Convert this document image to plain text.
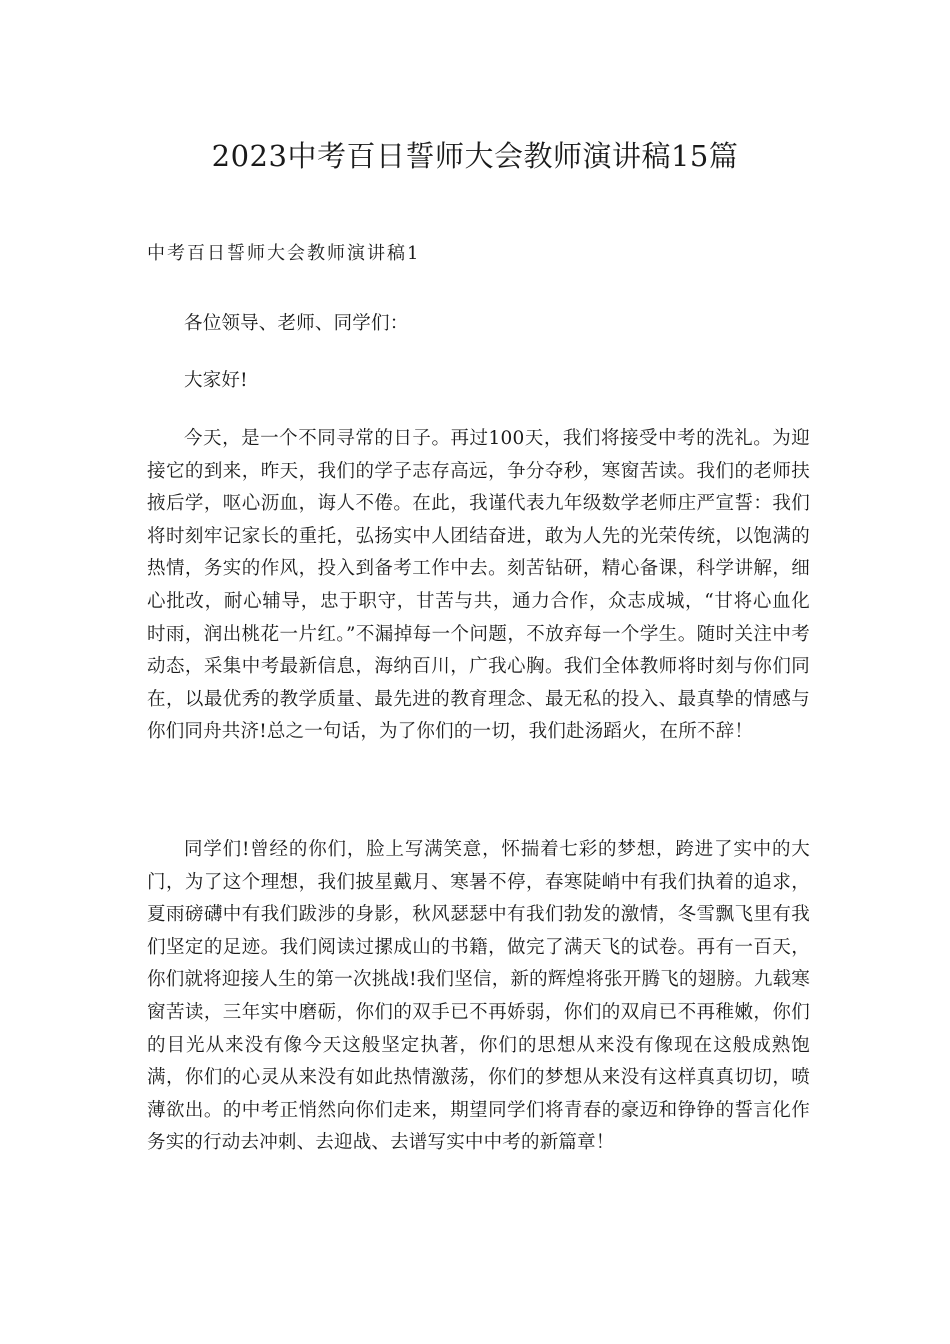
2023中考百日誓师大会教师演讲稿15篇
中考百日誓师大会教师演讲稿1

各位领导、老师、同学们：

大家好!

今天，是一个不同寻常的日子。再过100天，我们将接受中考的洗礼。为迎接它的到来，昨天，我们的学子志存高远，争分夺秒，寒窗苦读。我们的老师扶掖后学，呕心沥血，诲人不倦。在此，我谨代表九年级数学老师庄严宣誓：我们将时刻牢记家长的重托，弘扬实中人团结奋进，敢为人先的光荣传统，以饱满的热情，务实的作风，投入到备考工作中去。刻苦钻研，精心备课，科学讲解，细心批改，耐心辅导，忠于职守，甘苦与共，通力合作，众志成城，“甘将心血化时雨，润出桃花一片红。”不漏掉每一个问题，不放弃每一个学生。随时关注中考动态，采集中考最新信息，海纳百川，广我心胸。我们全体教师将时刻与你们同在，以最优秀的教学质量、最先进的教育理念、最无私的投入、最真挚的情感与你们同舟共济!总之一句话，为了你们的一切，我们赴汤蹈火，在所不辞！

同学们!曾经的你们，脸上写满笑意，怀揣着七彩的梦想，跨进了实中的大门，为了这个理想，我们披星戴月、寒暑不停，春寒陡峭中有我们执着的追求，夏雨磅礴中有我们跋涉的身影，秋风瑟瑟中有我们勃发的激情，冬雪飘飞里有我们坚定的足迹。我们阅读过摞成山的书籍，做完了满天飞的试卷。再有一百天，你们就将迎接人生的第一次挑战!我们坚信，新的辉煌将张开腾飞的翅膀。九载寒窗苦读，三年实中磨砺，你们的双手已不再娇弱，你们的双肩已不再稚嫩，你们的目光从来没有像今天这般坚定执著，你们的思想从来没有像现在这般成熟饱满，你们的心灵从来没有如此热情激荡，你们的梦想从来没有这样真真切切，喷薄欲出。的中考正悄然向你们走来，期望同学们将青春的豪迈和铮铮的誓言化作务实的行动去冲刺、去迎战、去谱写实中中考的新篇章！
